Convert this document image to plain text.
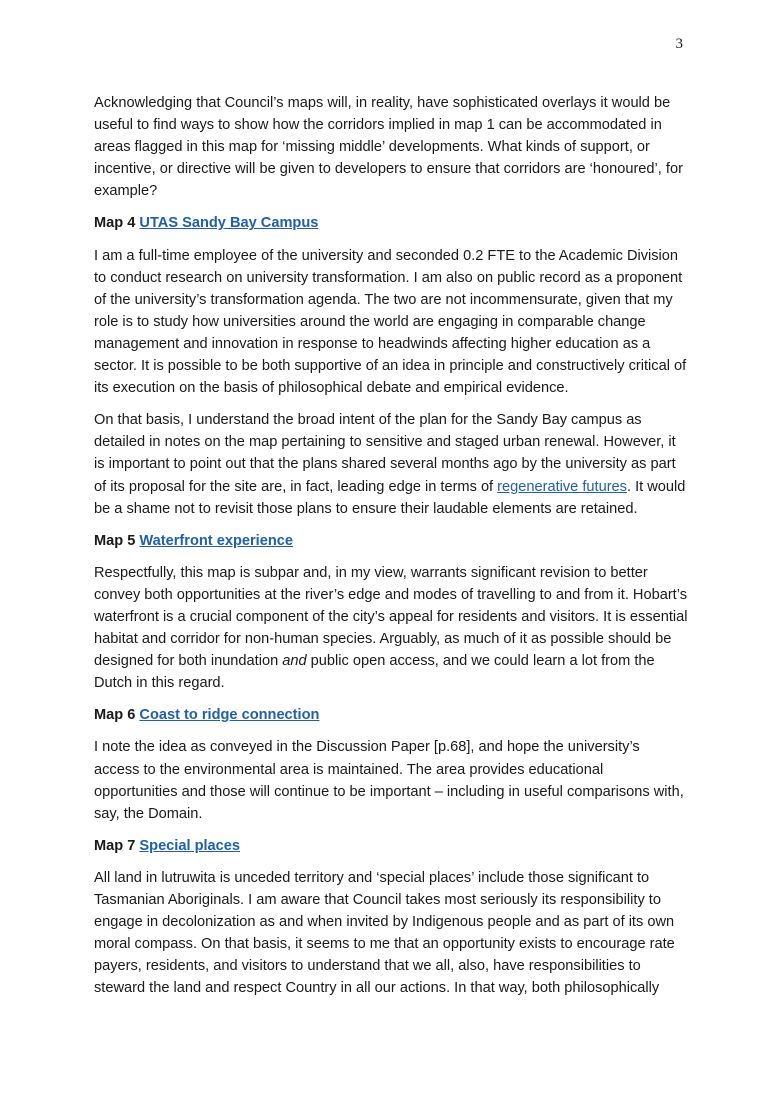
3

Acknowledging that Council’s maps will, in reality, have sophisticated overlays it would be useful to find ways to show how the corridors implied in map 1 can be accommodated in areas flagged in this map for ‘missing middle’ developments. What kinds of support, or incentive, or directive will be given to developers to ensure that corridors are ‘honoured’, for example?

Map 4 UTAS Sandy Bay Campus

I am a full-time employee of the university and seconded 0.2 FTE to the Academic Division to conduct research on university transformation. I am also on public record as a proponent of the university’s transformation agenda. The two are not incommensurate, given that my role is to study how universities around the world are engaging in comparable change management and innovation in response to headwinds affecting higher education as a sector. It is possible to be both supportive of an idea in principle and constructively critical of its execution on the basis of philosophical debate and empirical evidence.

On that basis, I understand the broad intent of the plan for the Sandy Bay campus as detailed in notes on the map pertaining to sensitive and staged urban renewal. However, it is important to point out that the plans shared several months ago by the university as part of its proposal for the site are, in fact, leading edge in terms of regenerative futures. It would be a shame not to revisit those plans to ensure their laudable elements are retained.

Map 5 Waterfront experience

Respectfully, this map is subpar and, in my view, warrants significant revision to better convey both opportunities at the river’s edge and modes of travelling to and from it. Hobart’s waterfront is a crucial component of the city’s appeal for residents and visitors. It is essential habitat and corridor for non-human species. Arguably, as much of it as possible should be designed for both inundation and public open access, and we could learn a lot from the Dutch in this regard.

Map 6 Coast to ridge connection

I note the idea as conveyed in the Discussion Paper [p.68], and hope the university’s access to the environmental area is maintained. The area provides educational opportunities and those will continue to be important – including in useful comparisons with, say, the Domain.

Map 7 Special places

All land in lutruwita is unceded territory and ‘special places’ include those significant to Tasmanian Aboriginals. I am aware that Council takes most seriously its responsibility to engage in decolonization as and when invited by Indigenous people and as part of its own moral compass. On that basis, it seems to me that an opportunity exists to encourage rate payers, residents, and visitors to understand that we all, also, have responsibilities to steward the land and respect Country in all our actions. In that way, both philosophically
